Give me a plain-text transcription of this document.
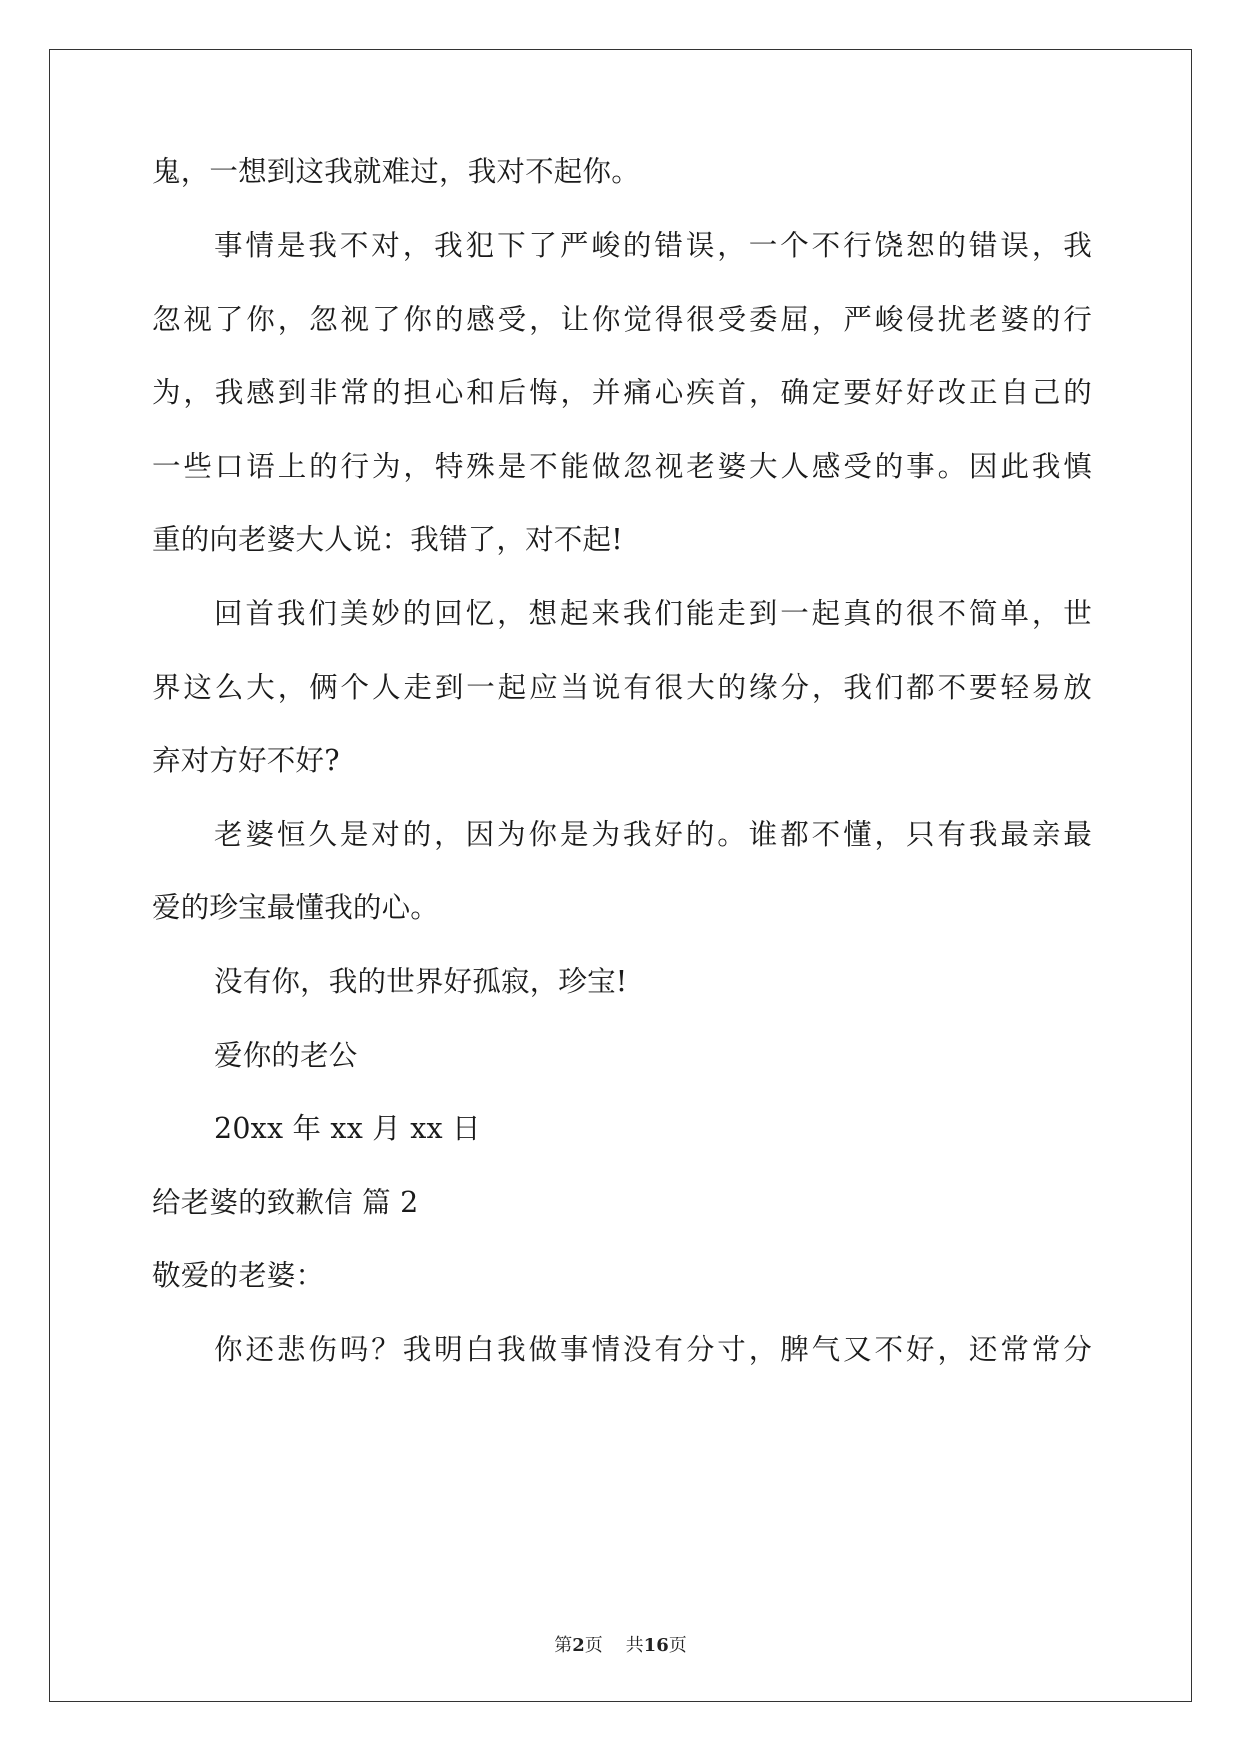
鬼，一想到这我就难过，我对不起你。
事情是我不对，我犯下了严峻的错误，一个不行饶恕的错误，我
忽视了你，忽视了你的感受，让你觉得很受委屈，严峻侵扰老婆的行
为，我感到非常的担心和后悔，并痛心疾首，确定要好好改正自己的
一些口语上的行为，特殊是不能做忽视老婆大人感受的事。因此我慎
重的向老婆大人说：我错了，对不起!
回首我们美妙的回忆，想起来我们能走到一起真的很不简单，世
界这么大，俩个人走到一起应当说有很大的缘分，我们都不要轻易放
弃对方好不好?
老婆恒久是对的，因为你是为我好的。谁都不懂，只有我最亲最
爱的珍宝最懂我的心。
没有你，我的世界好孤寂，珍宝!
爱你的老公
20xx 年 xx 月 xx 日
给老婆的致歉信 篇 2
敬爱的老婆：
你还悲伤吗？我明白我做事情没有分寸，脾气又不好，还常常分
第2页 共16页
